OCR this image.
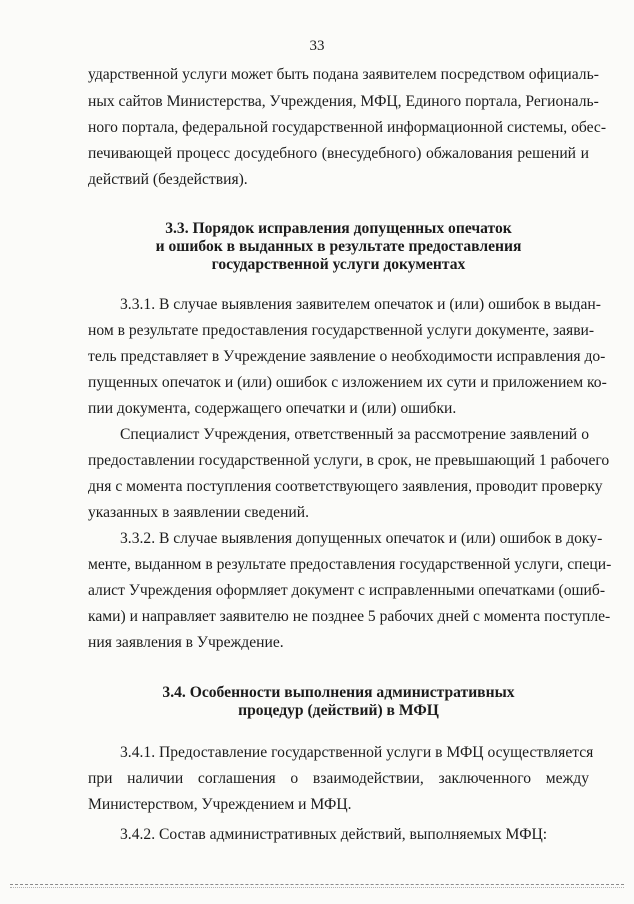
33
ударственной услуги может быть подана заявителем посредством официаль-
ных сайтов Министерства, Учреждения, МФЦ, Единого портала, Региональ-
ного портала, федеральной государственной информационной системы, обес-
печивающей процесс досудебного (внесудебного) обжалования решений и
действий (бездействия).
3.3. Порядок исправления допущенных опечаток
и ошибок в выданных в результате предоставления
государственной услуги документах
3.3.1. В случае выявления заявителем опечаток и (или) ошибок в выдан-
ном в результате предоставления государственной услуги документе, заяви-
тель представляет в Учреждение заявление о необходимости исправления до-
пущенных опечаток и (или) ошибок с изложением их сути и приложением ко-
пии документа, содержащего опечатки и (или) ошибки.
Специалист Учреждения, ответственный за рассмотрение заявлений о
предоставлении государственной услуги, в срок, не превышающий 1 рабочего
дня с момента поступления соответствующего заявления, проводит проверку
указанных в заявлении сведений.
3.3.2. В случае выявления допущенных опечаток и (или) ошибок в доку-
менте, выданном в результате предоставления государственной услуги, специ-
алист Учреждения оформляет документ с исправленными опечатками (ошиб-
ками) и направляет заявителю не позднее 5 рабочих дней с момента поступле-
ния заявления в Учреждение.
3.4. Особенности выполнения административных
процедур (действий) в МФЦ
3.4.1. Предоставление государственной услуги в МФЦ осуществляется
при наличии соглашения о взаимодействии, заключенного между
Министерством, Учреждением и МФЦ.
3.4.2. Состав административных действий, выполняемых МФЦ:
